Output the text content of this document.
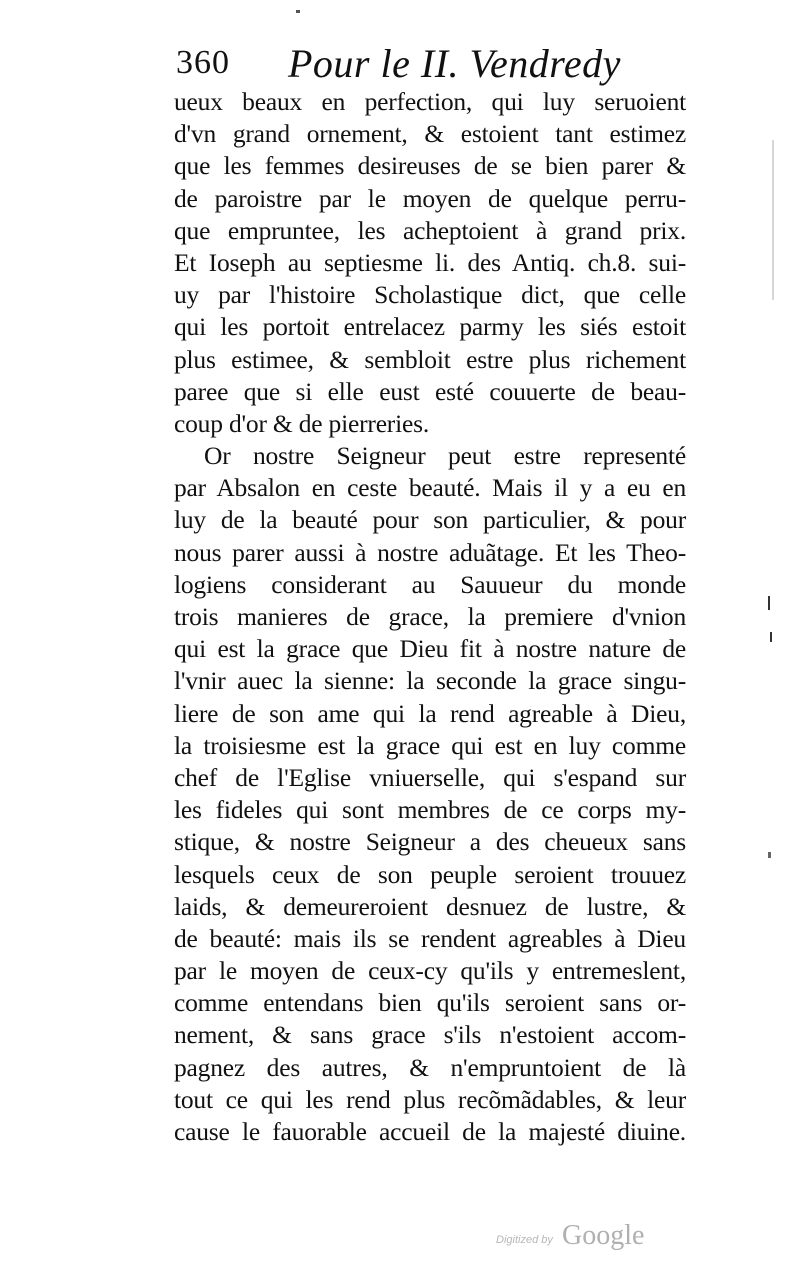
360 Pour le II. Vendredy
ueux beaux en perfection, qui luy seruoient
d'vn grand ornement, & estoient tant estimez
que les femmes desireuses de se bien parer &
de paroistre par le moyen de quelque perru-
que empruntee, les acheptoient à grand prix.
Et Ioseph au septiesme li. des Antiq. ch.8. sui-
uy par l'histoire Scholastique dict, que celle
qui les portoit entrelacez parmy les siés estoit
plus estimee, & sembloit estre plus richement
paree que si elle eust esté couuerte de beau-
coup d'or & de pierreries.
Or nostre Seigneur peut estre representé
par Absalon en ceste beauté. Mais il y a eu en
luy de la beauté pour son particulier, & pour
nous parer aussi à nostre aduãtage. Et les Theo-
logiens considerant au Sauueur du monde
trois manieres de grace, la premiere d'vnion
qui est la grace que Dieu fit à nostre nature de
l'vnir auec la sienne: la seconde la grace singu-
liere de son ame qui la rend agreable à Dieu,
la troisiesme est la grace qui est en luy comme
chef de l'Eglise vniuerselle, qui s'espand sur
les fideles qui sont membres de ce corps my-
stique, & nostre Seigneur a des cheueux sans
lesquels ceux de son peuple seroient trouuez
laids, & demeureroient desnuez de lustre, &
de beauté: mais ils se rendent agreables à Dieu
par le moyen de ceux-cy qu'ils y entremeslent,
comme entendans bien qu'ils seroient sans or-
nement, & sans grace s'ils n'estoient accom-
pagnez des autres, & n'empruntoient de là
tout ce qui les rend plus recõmãdables, & leur
cause le fauorable accueil de la majesté diuine.
Digitized by Google
